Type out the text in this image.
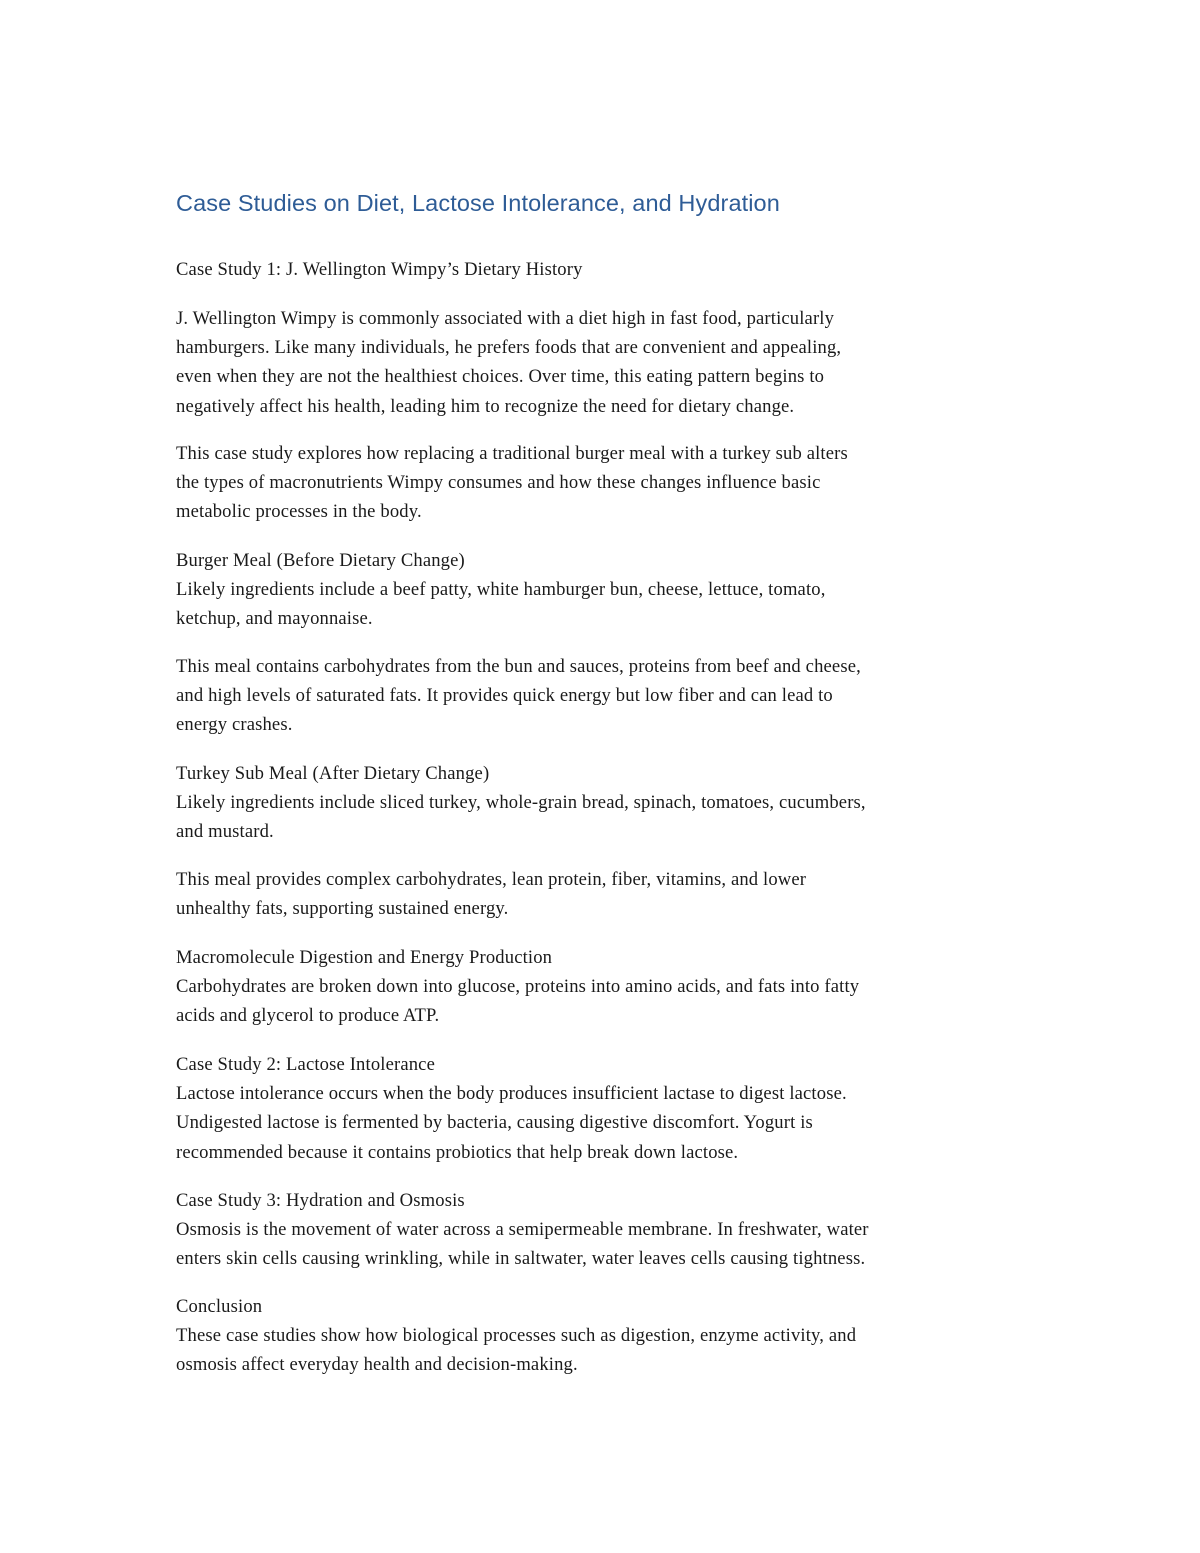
Case Studies on Diet, Lactose Intolerance, and Hydration
Case Study 1: J. Wellington Wimpy’s Dietary History
J. Wellington Wimpy is commonly associated with a diet high in fast food, particularly
hamburgers. Like many individuals, he prefers foods that are convenient and appealing,
even when they are not the healthiest choices. Over time, this eating pattern begins to
negatively affect his health, leading him to recognize the need for dietary change.
This case study explores how replacing a traditional burger meal with a turkey sub alters
the types of macronutrients Wimpy consumes and how these changes influence basic
metabolic processes in the body.
Burger Meal (Before Dietary Change)
Likely ingredients include a beef patty, white hamburger bun, cheese, lettuce, tomato,
ketchup, and mayonnaise.
This meal contains carbohydrates from the bun and sauces, proteins from beef and cheese,
and high levels of saturated fats. It provides quick energy but low fiber and can lead to
energy crashes.
Turkey Sub Meal (After Dietary Change)
Likely ingredients include sliced turkey, whole-grain bread, spinach, tomatoes, cucumbers,
and mustard.
This meal provides complex carbohydrates, lean protein, fiber, vitamins, and lower
unhealthy fats, supporting sustained energy.
Macromolecule Digestion and Energy Production
Carbohydrates are broken down into glucose, proteins into amino acids, and fats into fatty
acids and glycerol to produce ATP.
Case Study 2: Lactose Intolerance
Lactose intolerance occurs when the body produces insufficient lactase to digest lactose.
Undigested lactose is fermented by bacteria, causing digestive discomfort. Yogurt is
recommended because it contains probiotics that help break down lactose.
Case Study 3: Hydration and Osmosis
Osmosis is the movement of water across a semipermeable membrane. In freshwater, water
enters skin cells causing wrinkling, while in saltwater, water leaves cells causing tightness.
Conclusion
These case studies show how biological processes such as digestion, enzyme activity, and
osmosis affect everyday health and decision-making.
